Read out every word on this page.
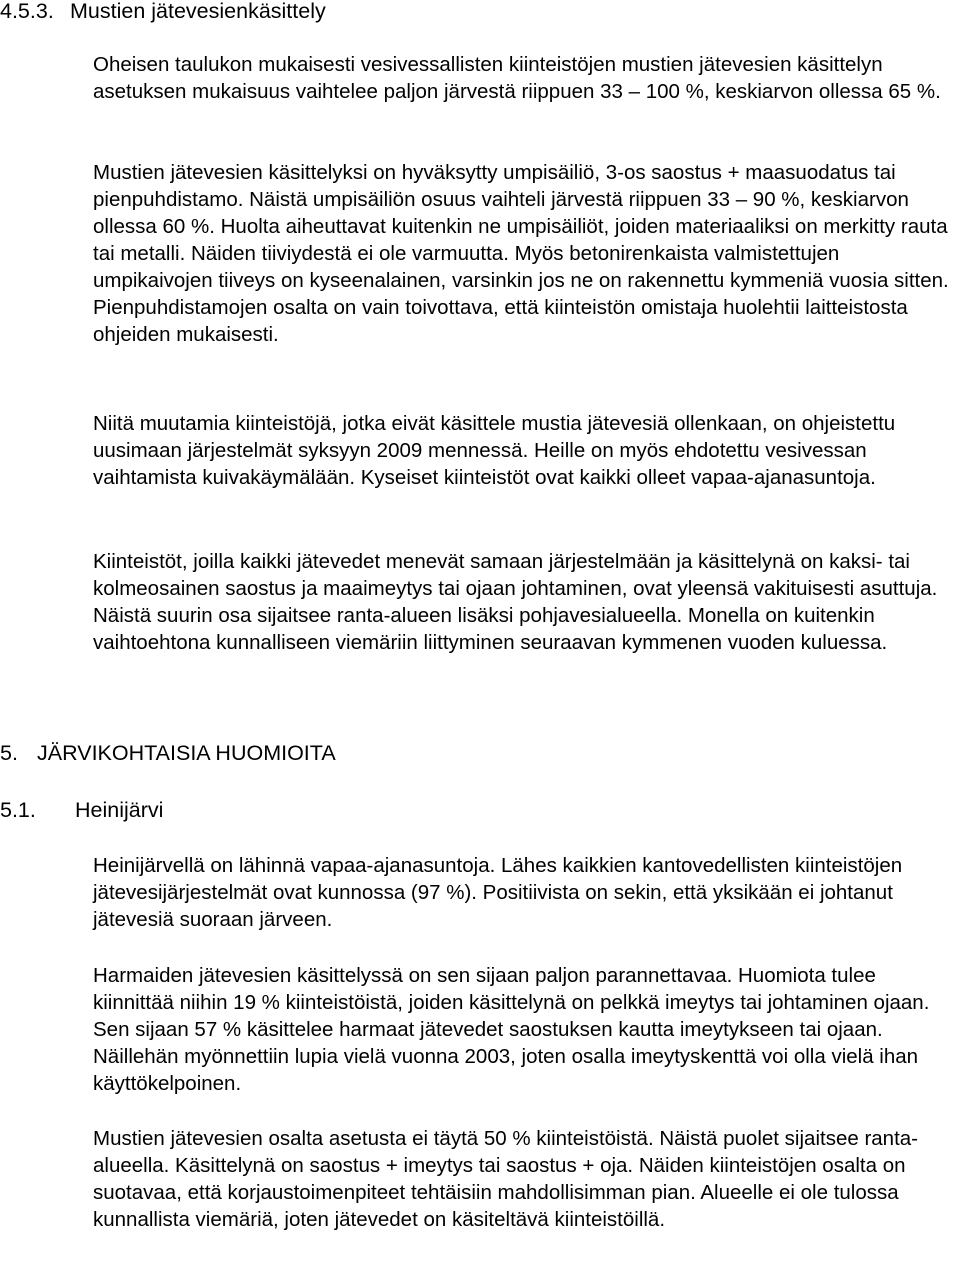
4.5.3. Mustien jätevesienkäsittely

Oheisen taulukon mukaisesti vesivessallisten kiinteistöjen mustien jätevesien käsittelyn asetuksen mukaisuus vaihtelee paljon järvestä riippuen 33 – 100 %, keskiarvon ollessa 65 %.

Mustien jätevesien käsittelyksi on hyväksytty umpisäiliö, 3-os saostus + maasuodatus tai pienpuhdistamo. Näistä umpisäiliön osuus vaihteli järvestä riippuen 33 – 90 %, keskiarvon ollessa 60 %. Huolta aiheuttavat kuitenkin ne umpisäiliöt, joiden materiaaliksi on merkitty rauta tai metalli. Näiden tiiviydestä ei ole varmuutta. Myös betonirenkaista valmistettujen umpikaivojen tiiveys on kyseenalainen, varsinkin jos ne on rakennettu kymmeniä vuosia sitten. Pienpuhdistamojen osalta on vain toivottava, että kiinteistön omistaja huolehtii laitteistosta ohjeiden mukaisesti.

Niitä muutamia kiinteistöjä, jotka eivät käsittele mustia jätevesiä ollenkaan, on ohjeistettu uusimaan järjestelmät syksyyn 2009 mennessä. Heille on myös ehdotettu vesivessan vaihtamista kuivakäymälään. Kyseiset kiinteistöt ovat kaikki olleet vapaa-ajanasuntoja.

Kiinteistöt, joilla kaikki jätevedet menevät samaan järjestelmään ja käsittelynä on kaksi- tai kolmeosainen saostus ja maaimeytys tai ojaan johtaminen, ovat yleensä vakituisesti asuttuja. Näistä suurin osa sijaitsee ranta-alueen lisäksi pohjavesialueella. Monella on kuitenkin vaihtoehtona kunnalliseen viemäriin liittyminen seuraavan kymmenen vuoden kuluessa.

5. JÄRVIKOHTAISIA HUOMIOITA
5.1. Heinijärvi

Heinijärvellä on lähinnä vapaa-ajanasuntoja. Lähes kaikkien kantovedellisten kiinteistöjen jätevesijärjestelmät ovat kunnossa (97 %). Positiivista on sekin, että yksikään ei johtanut jätevesiä suoraan järveen.

Harmaiden jätevesien käsittelyssä on sen sijaan paljon parannettavaa. Huomiota tulee kiinnittää niihin 19 % kiinteistöistä, joiden käsittelynä on pelkkä imeytys tai johtaminen ojaan. Sen sijaan 57 % käsittelee harmaat jätevedet saostuksen kautta imeytykseen tai ojaan. Näillehän myönnettiin lupia vielä vuonna 2003, joten osalla imeytyskenttä voi olla vielä ihan käyttökelpoinen.

Mustien jätevesien osalta asetusta ei täytä 50 % kiinteistöistä. Näistä puolet sijaitsee ranta-alueella. Käsittelynä on saostus + imeytys tai saostus + oja. Näiden kiinteistöjen osalta on suotavaa, että korjaustoimenpiteet tehtäisiin mahdollisimman pian. Alueelle ei ole tulossa kunnallista viemäriä, joten jätevedet on käsiteltävä kiinteistöillä.
